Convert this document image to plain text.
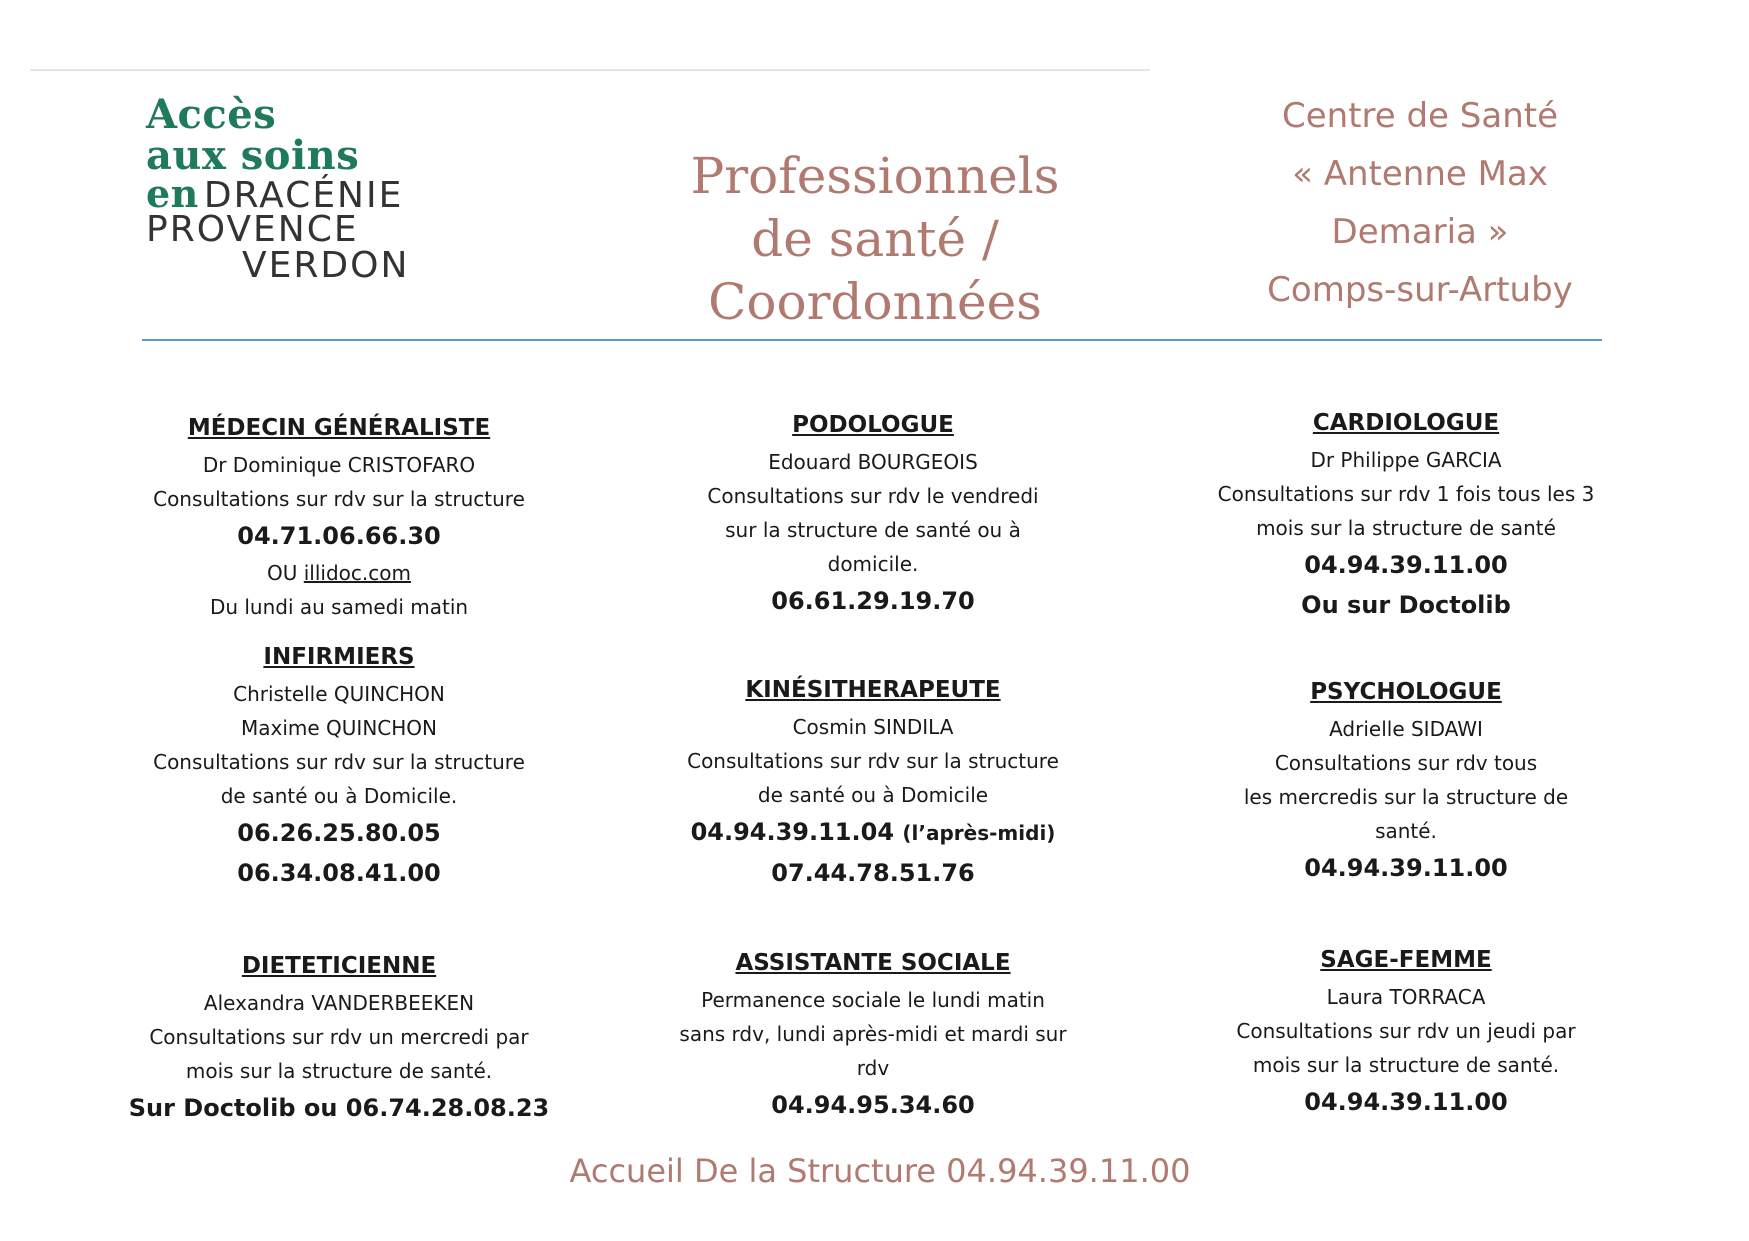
Accès
aux soins
en DRACÉNIE
PROVENCE
VERDON
Professionnels
de santé /
Coordonnées
Centre de Santé
« Antenne Max
Demaria »
Comps-sur-Artuby
MÉDECIN GÉNÉRALISTE
Dr Dominique CRISTOFARO
Consultations sur rdv sur la structure
04.71.06.66.30
OU illidoc.com
Du lundi au samedi matin
INFIRMIERS
Christelle QUINCHON
Maxime QUINCHON
Consultations sur rdv sur la structure
de santé ou à Domicile.
06.26.25.80.05
06.34.08.41.00
DIETETICIENNE
Alexandra VANDERBEEKEN
Consultations sur rdv un mercredi par
mois sur la structure de santé.
Sur Doctolib ou 06.74.28.08.23
PODOLOGUE
Edouard BOURGEOIS
Consultations sur rdv le vendredi
sur la structure de santé ou à
domicile.
06.61.29.19.70
KINÉSITHERAPEUTE
Cosmin SINDILA
Consultations sur rdv sur la structure
de santé ou à Domicile
04.94.39.11.04 (l’après-midi)
07.44.78.51.76
ASSISTANTE SOCIALE
Permanence sociale le lundi matin
sans rdv, lundi après-midi et mardi sur
rdv
04.94.95.34.60
CARDIOLOGUE
Dr Philippe GARCIA
Consultations sur rdv 1 fois tous les 3
mois sur la structure de santé
04.94.39.11.00
Ou sur Doctolib
PSYCHOLOGUE
Adrielle SIDAWI
Consultations sur rdv tous
les mercredis sur la structure de
santé.
04.94.39.11.00
SAGE-FEMME
Laura TORRACA
Consultations sur rdv un jeudi par
mois sur la structure de santé.
04.94.39.11.00
Accueil De la Structure 04.94.39.11.00
